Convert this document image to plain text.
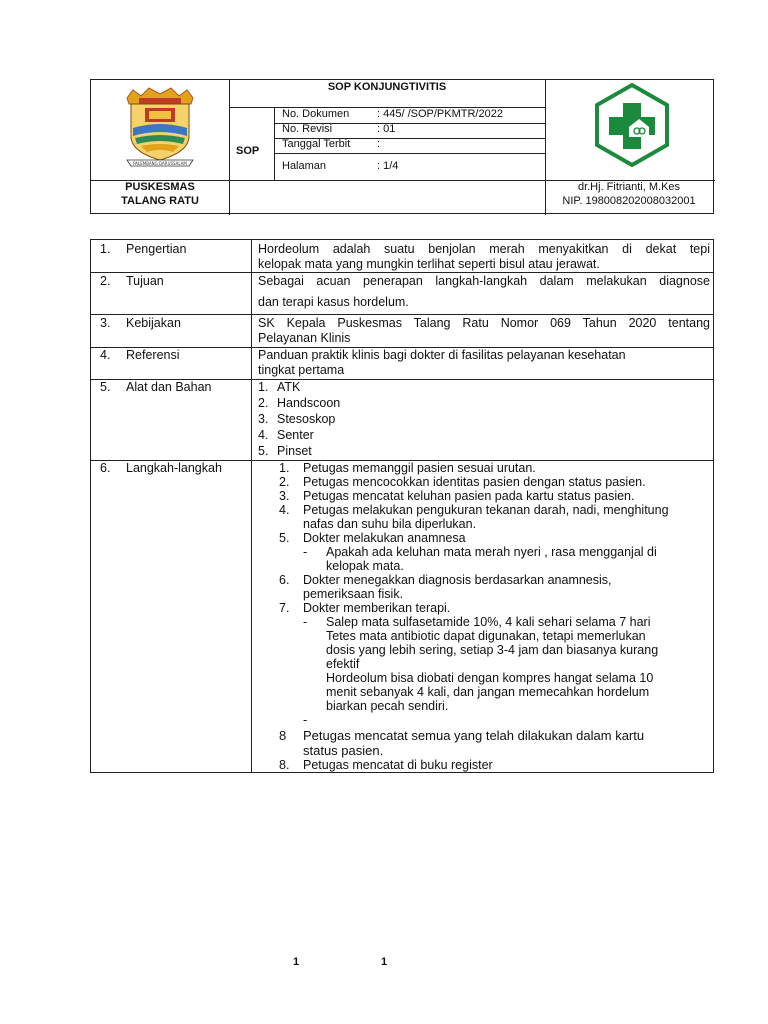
PALEMBANG DARUSSALAM
SOP KONJUNGTIVITIS
SOP
No. Dokumen	: 445/ /SOP/PKMTR/2022
No. Revisi	: 01
Tanggal Terbit :
Halaman	: 1/4
PUSKESMAS
TALANG RATU
dr.Hj. Fitrianti, M.Kes
NIP. 198008202008032001
1. Pengertian	Hordeolum adalah suatu benjolan merah menyakitkan di dekat tepi
kelopak mata yang mungkin terlihat seperti bisul atau jerawat.
2. Tujuan	Sebagai acuan penerapan langkah-langkah dalam melakukan diagnose
dan terapi kasus hordelum.
3. Kebijakan	SK Kepala Puskesmas Talang Ratu Nomor 069 Tahun 2020 tentang
Pelayanan Klinis
4. Referensi	Panduan praktik klinis bagi dokter di fasilitas pelayanan kesehatan
tingkat pertama
5. Alat dan Bahan	1. ATK
2. Handscoon
3. Stesoskop
4. Senter
5. Pinset
6. Langkah-langkah	1. Petugas memanggil pasien sesuai urutan.
2. Petugas mencocokkan identitas pasien dengan status pasien.
3. Petugas mencatat keluhan pasien pada kartu status pasien.
4. Petugas melakukan pengukuran tekanan darah, nadi, menghitung
nafas dan suhu bila diperlukan.
5. Dokter melakukan anamnesa
- Apakah ada keluhan mata merah nyeri , rasa mengganjal di
kelopak mata.
6. Dokter menegakkan diagnosis berdasarkan anamnesis,
pemeriksaan fisik.
7. Dokter memberikan terapi.
- Salep mata sulfasetamide 10%, 4 kali sehari selama 7 hari
Tetes mata antibiotic dapat digunakan, tetapi memerlukan
dosis yang lebih sering, setiap 3-4 jam dan biasanya kurang
efektif
Hordeolum bisa diobati dengan kompres hangat selama 10
menit sebanyak 4 kali, dan jangan memecahkan hordelum
biarkan pecah sendiri.
-
8 Petugas mencatat semua yang telah dilakukan dalam kartu
status pasien.
8. Petugas mencatat di buku register
1	1
